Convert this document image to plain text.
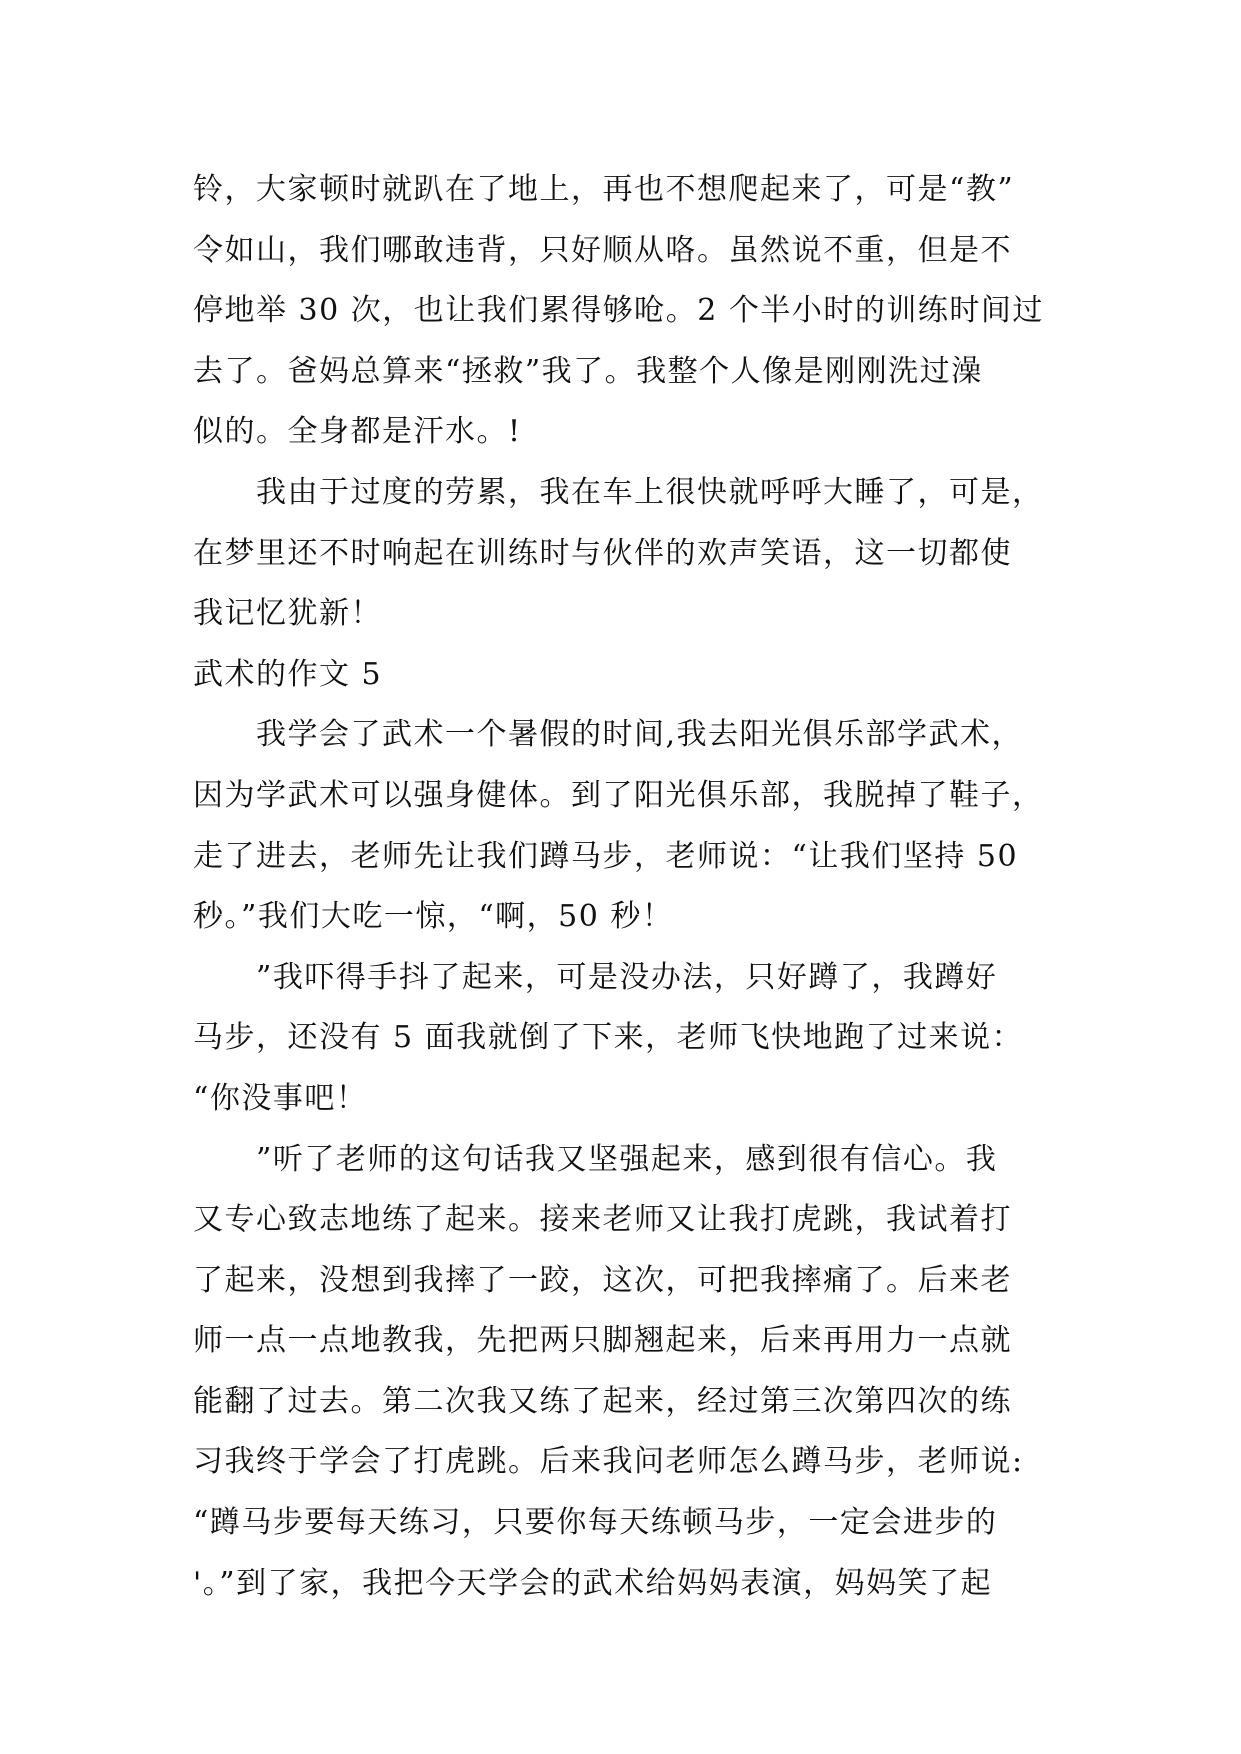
铃，大家顿时就趴在了地上，再也不想爬起来了，可是“教”
令如山，我们哪敢违背，只好顺从咯。虽然说不重，但是不
停地举 30 次，也让我们累得够呛。2 个半小时的训练时间过
去了。爸妈总算来“拯救”我了。我整个人像是刚刚洗过澡
似的。全身都是汗水。!
　　我由于过度的劳累，我在车上很快就呼呼大睡了，可是，
在梦里还不时响起在训练时与伙伴的欢声笑语，这一切都使
我记忆犹新！
武术的作文 5
　　我学会了武术一个暑假的时间,我去阳光俱乐部学武术，
因为学武术可以强身健体。到了阳光俱乐部，我脱掉了鞋子，
走了进去，老师先让我们蹲马步，老师说：“让我们坚持 50
秒。”我们大吃一惊，“啊，50 秒！
　　”我吓得手抖了起来，可是没办法，只好蹲了，我蹲好
马步，还没有 5 面我就倒了下来，老师飞快地跑了过来说：
“你没事吧！
　　”听了老师的这句话我又坚强起来，感到很有信心。我
又专心致志地练了起来。接来老师又让我打虎跳，我试着打
了起来，没想到我摔了一跤，这次，可把我摔痛了。后来老
师一点一点地教我，先把两只脚翘起来，后来再用力一点就
能翻了过去。第二次我又练了起来，经过第三次第四次的练
习我终于学会了打虎跳。后来我问老师怎么蹲马步，老师说:
“蹲马步要每天练习，只要你每天练顿马步，一定会进步的
'。”到了家，我把今天学会的武术给妈妈表演，妈妈笑了起
